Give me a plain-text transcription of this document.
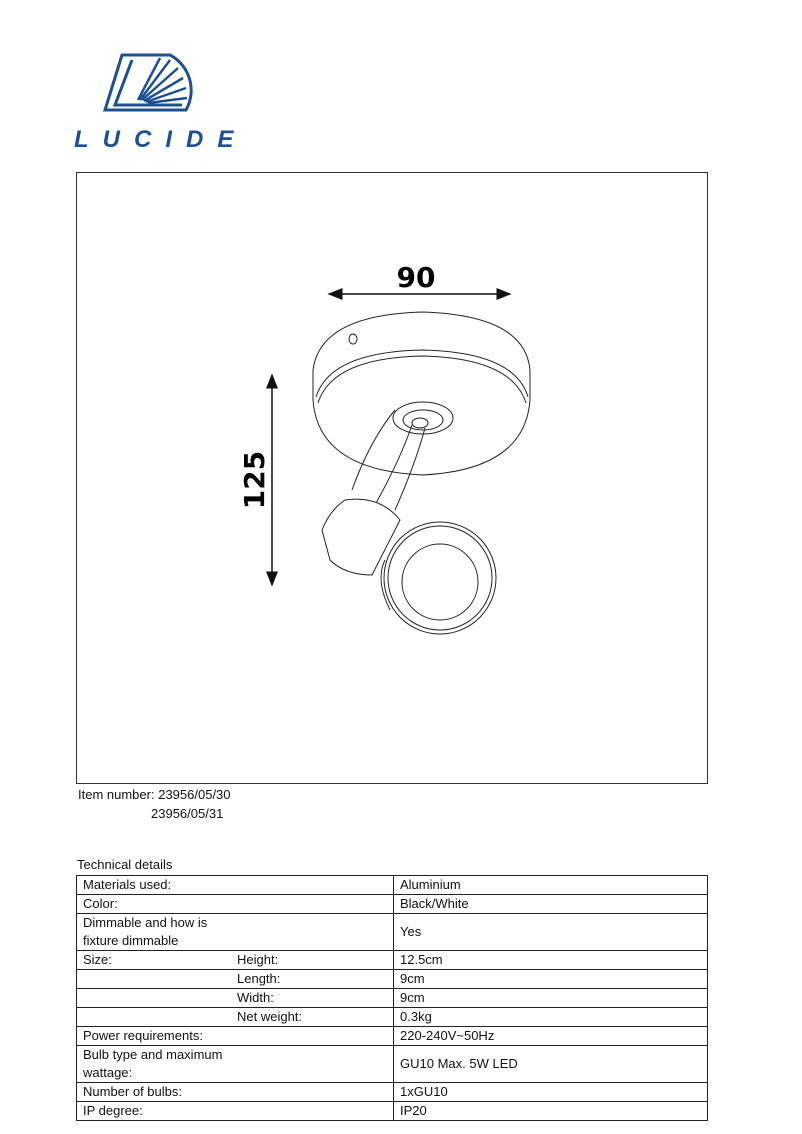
LUCIDE
90
125
Item number: 23956/05/30
23956/05/31
Technical details
Materials used:	Aluminium
Color:	Black/White
Dimmable and how is fixture dimmable	Yes
Size: Height:	12.5cm
Length:	9cm
Width:	9cm
Net weight:	0.3kg
Power requirements:	220-240V~50Hz
Bulb type and maximum wattage:	GU10 Max. 5W LED
Number of bulbs:	1xGU10
IP degree:	IP20
